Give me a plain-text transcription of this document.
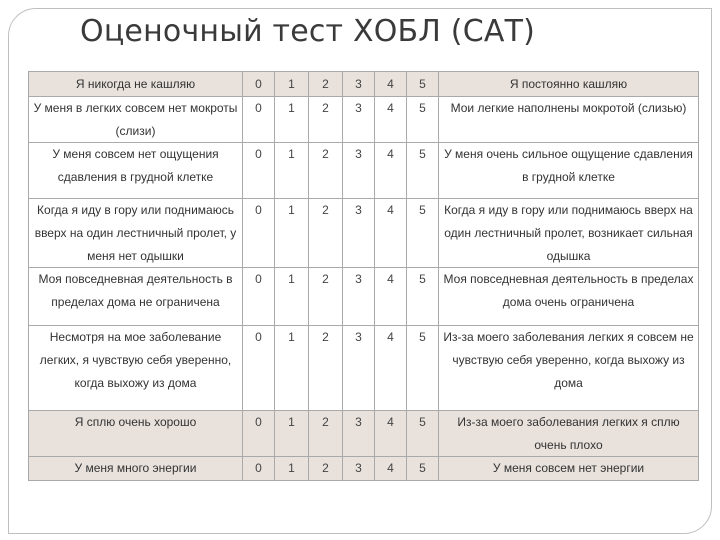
Оценочный тест ХОБЛ (САТ)
Я никогда не кашляю	0	1	2	3	4	5	Я постоянно кашляю
У меня в легких совсем нет мокроты (слизи)	0	1	2	3	4	5	Мои легкие наполнены мокротой (слизью)
У меня совсем нет ощущения сдавления в грудной клетке	0	1	2	3	4	5	У меня очень сильное ощущение сдавления в грудной клетке
Когда я иду в гору или поднимаюсь вверх на один лестничный пролет, у меня нет одышки	0	1	2	3	4	5	Когда я иду в гору или поднимаюсь вверх на один лестничный пролет, возникает сильная одышка
Моя повседневная деятельность в пределах дома не ограничена	0	1	2	3	4	5	Моя повседневная деятельность в пределах дома очень ограничена
Несмотря на мое заболевание легких, я чувствую себя уверенно, когда выхожу из дома	0	1	2	3	4	5	Из-за моего заболевания легких я совсем не чувствую себя уверенно, когда выхожу из дома
Я сплю очень хорошо	0	1	2	3	4	5	Из-за моего заболевания легких я сплю очень плохо
У меня много энергии	0	1	2	3	4	5	У меня совсем нет энергии
